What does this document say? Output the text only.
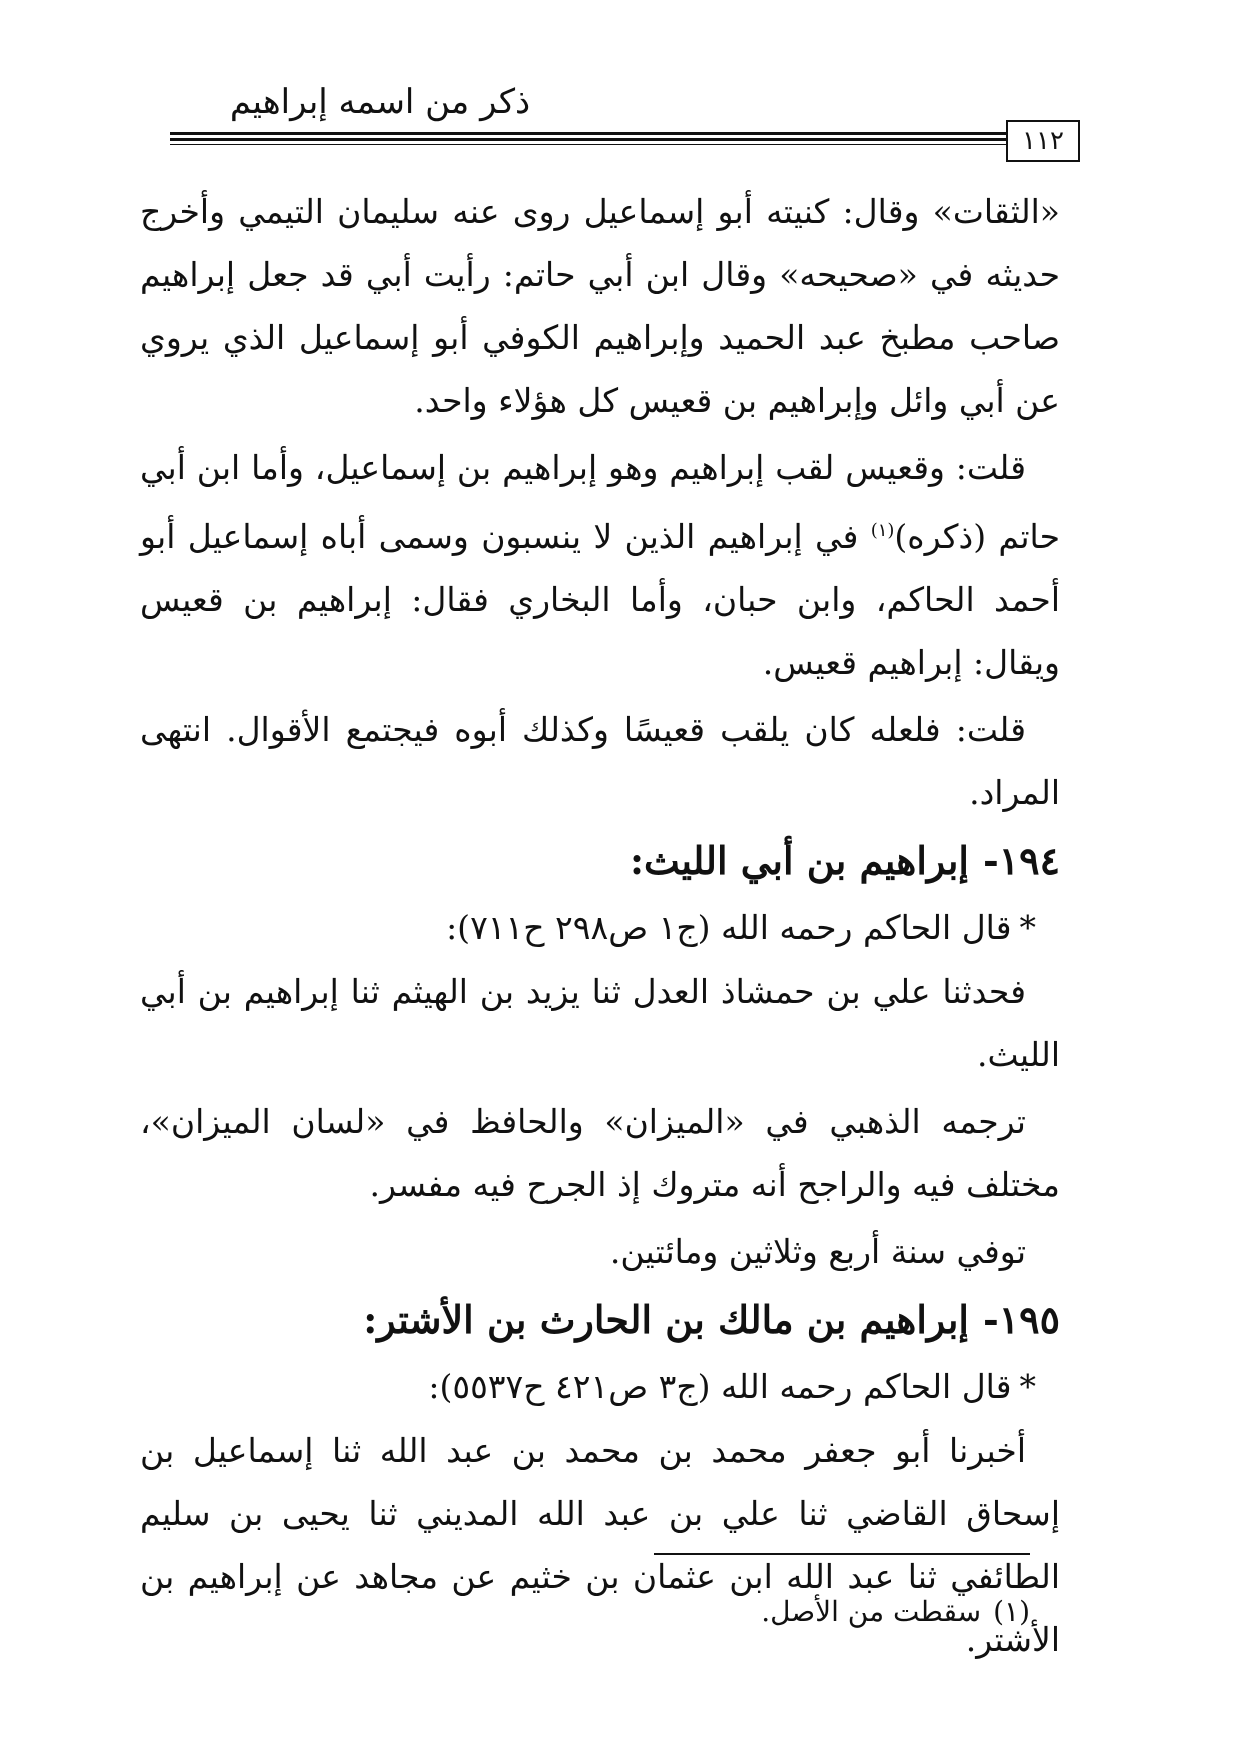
ذكر من اسمه إبراهيم
١١٢

«الثقات» وقال: كنيته أبو إسماعيل روى عنه سليمان التيمي وأخرج حديثه في «صحيحه» وقال ابن أبي حاتم: رأيت أبي قد جعل إبراهيم صاحب مطبخ عبد الحميد وإبراهيم الكوفي أبو إسماعيل الذي يروي عن أبي وائل وإبراهيم بن قعيس كل هؤلاء واحد.

قلت: وقعيس لقب إبراهيم وهو إبراهيم بن إسماعيل، وأما ابن أبي حاتم (ذكره)$^{(١)}$ في إبراهيم الذين لا ينسبون وسمى أباه إسماعيل أبو أحمد الحاكم، وابن حبان، وأما البخاري فقال: إبراهيم بن قعيس ويقال: إبراهيم قعيس.

قلت: فلعله كان يلقب قعيسًا وكذلك أبوه فيجتمع الأقوال. انتهى المراد.

١٩٤-إبراهيم بن أبي الليث:

*قال الحاكم رحمه الله (ج١ ص٢٩٨ ح٧١١):

فحدثنا علي بن حمشاذ العدل ثنا يزيد بن الهيثم ثنا إبراهيم بن أبي الليث.

ترجمه الذهبي في «الميزان» والحافظ في «لسان الميزان»، مختلف فيه والراجح أنه متروك إذ الجرح فيه مفسر.

توفي سنة أربع وثلاثين ومائتين.

١٩٥-إبراهيم بن مالك بن الحارث بن الأشتر:

*قال الحاكم رحمه الله (ج٣ ص٤٢١ ح٥٥٣٧):

أخبرنا أبو جعفر محمد بن محمد بن عبد الله ثنا إسماعيل بن إسحاق القاضي ثنا علي بن عبد الله المديني ثنا يحيى بن سليم الطائفي ثنا عبد الله ابن عثمان بن خثيم عن مجاهد عن إبراهيم بن الأشتر.

(١)سقطت من الأصل.
